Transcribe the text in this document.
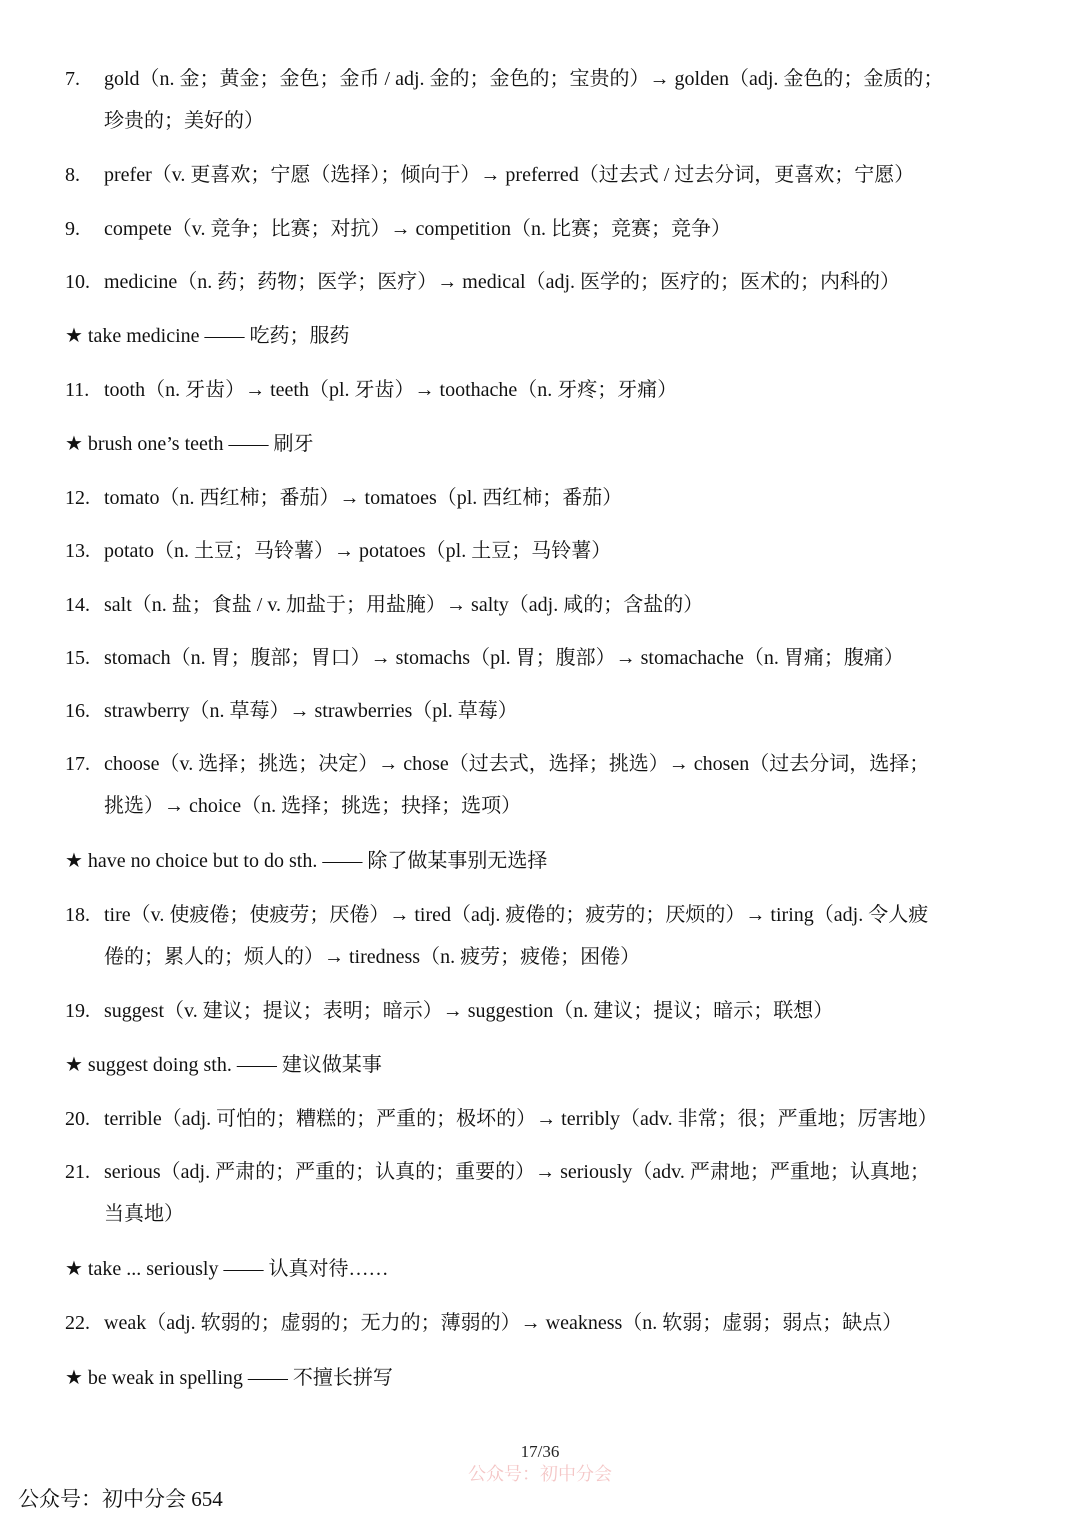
7. gold（n. 金；黄金；金色；金币 / adj. 金的；金色的；宝贵的）→ golden（adj. 金色的；金质的；
珍贵的；美好的）
8. prefer（v. 更喜欢；宁愿（选择）；倾向于）→ preferred（过去式 / 过去分词，更喜欢；宁愿）
9. compete（v. 竞争；比赛；对抗）→ competition（n. 比赛；竞赛；竞争）
10. medicine（n. 药；药物；医学；医疗）→ medical（adj. 医学的；医疗的；医术的；内科的）
★ take medicine —— 吃药；服药
11. tooth（n. 牙齿）→ teeth（pl. 牙齿）→ toothache（n. 牙疼；牙痛）
★ brush one’s teeth —— 刷牙
12. tomato（n. 西红柿；番茄）→ tomatoes（pl. 西红柿；番茄）
13. potato（n. 土豆；马铃薯）→ potatoes（pl. 土豆；马铃薯）
14. salt（n. 盐；食盐 / v. 加盐于；用盐腌）→ salty（adj. 咸的；含盐的）
15. stomach（n. 胃；腹部；胃口）→ stomachs（pl. 胃；腹部）→ stomachache（n. 胃痛；腹痛）
16. strawberry（n. 草莓）→ strawberries（pl. 草莓）
17. choose（v. 选择；挑选；决定）→ chose（过去式，选择；挑选）→ chosen（过去分词，选择；
挑选）→ choice（n. 选择；挑选；抉择；选项）
★ have no choice but to do sth. —— 除了做某事别无选择
18. tire（v. 使疲倦；使疲劳；厌倦）→ tired（adj. 疲倦的；疲劳的；厌烦的）→ tiring（adj. 令人疲
倦的；累人的；烦人的）→ tiredness（n. 疲劳；疲倦；困倦）
19. suggest（v. 建议；提议；表明；暗示）→ suggestion（n. 建议；提议；暗示；联想）
★ suggest doing sth. —— 建议做某事
20. terrible（adj. 可怕的；糟糕的；严重的；极坏的）→ terribly（adv. 非常；很；严重地；厉害地）
21. serious（adj. 严肃的；严重的；认真的；重要的）→ seriously（adv. 严肃地；严重地；认真地；
当真地）
★ take ... seriously —— 认真对待……
22. weak（adj. 软弱的；虚弱的；无力的；薄弱的）→ weakness（n. 软弱；虚弱；弱点；缺点）
★ be weak in spelling —— 不擅长拼写
17/36
公众号：初中分会
公众号：初中分会 654
